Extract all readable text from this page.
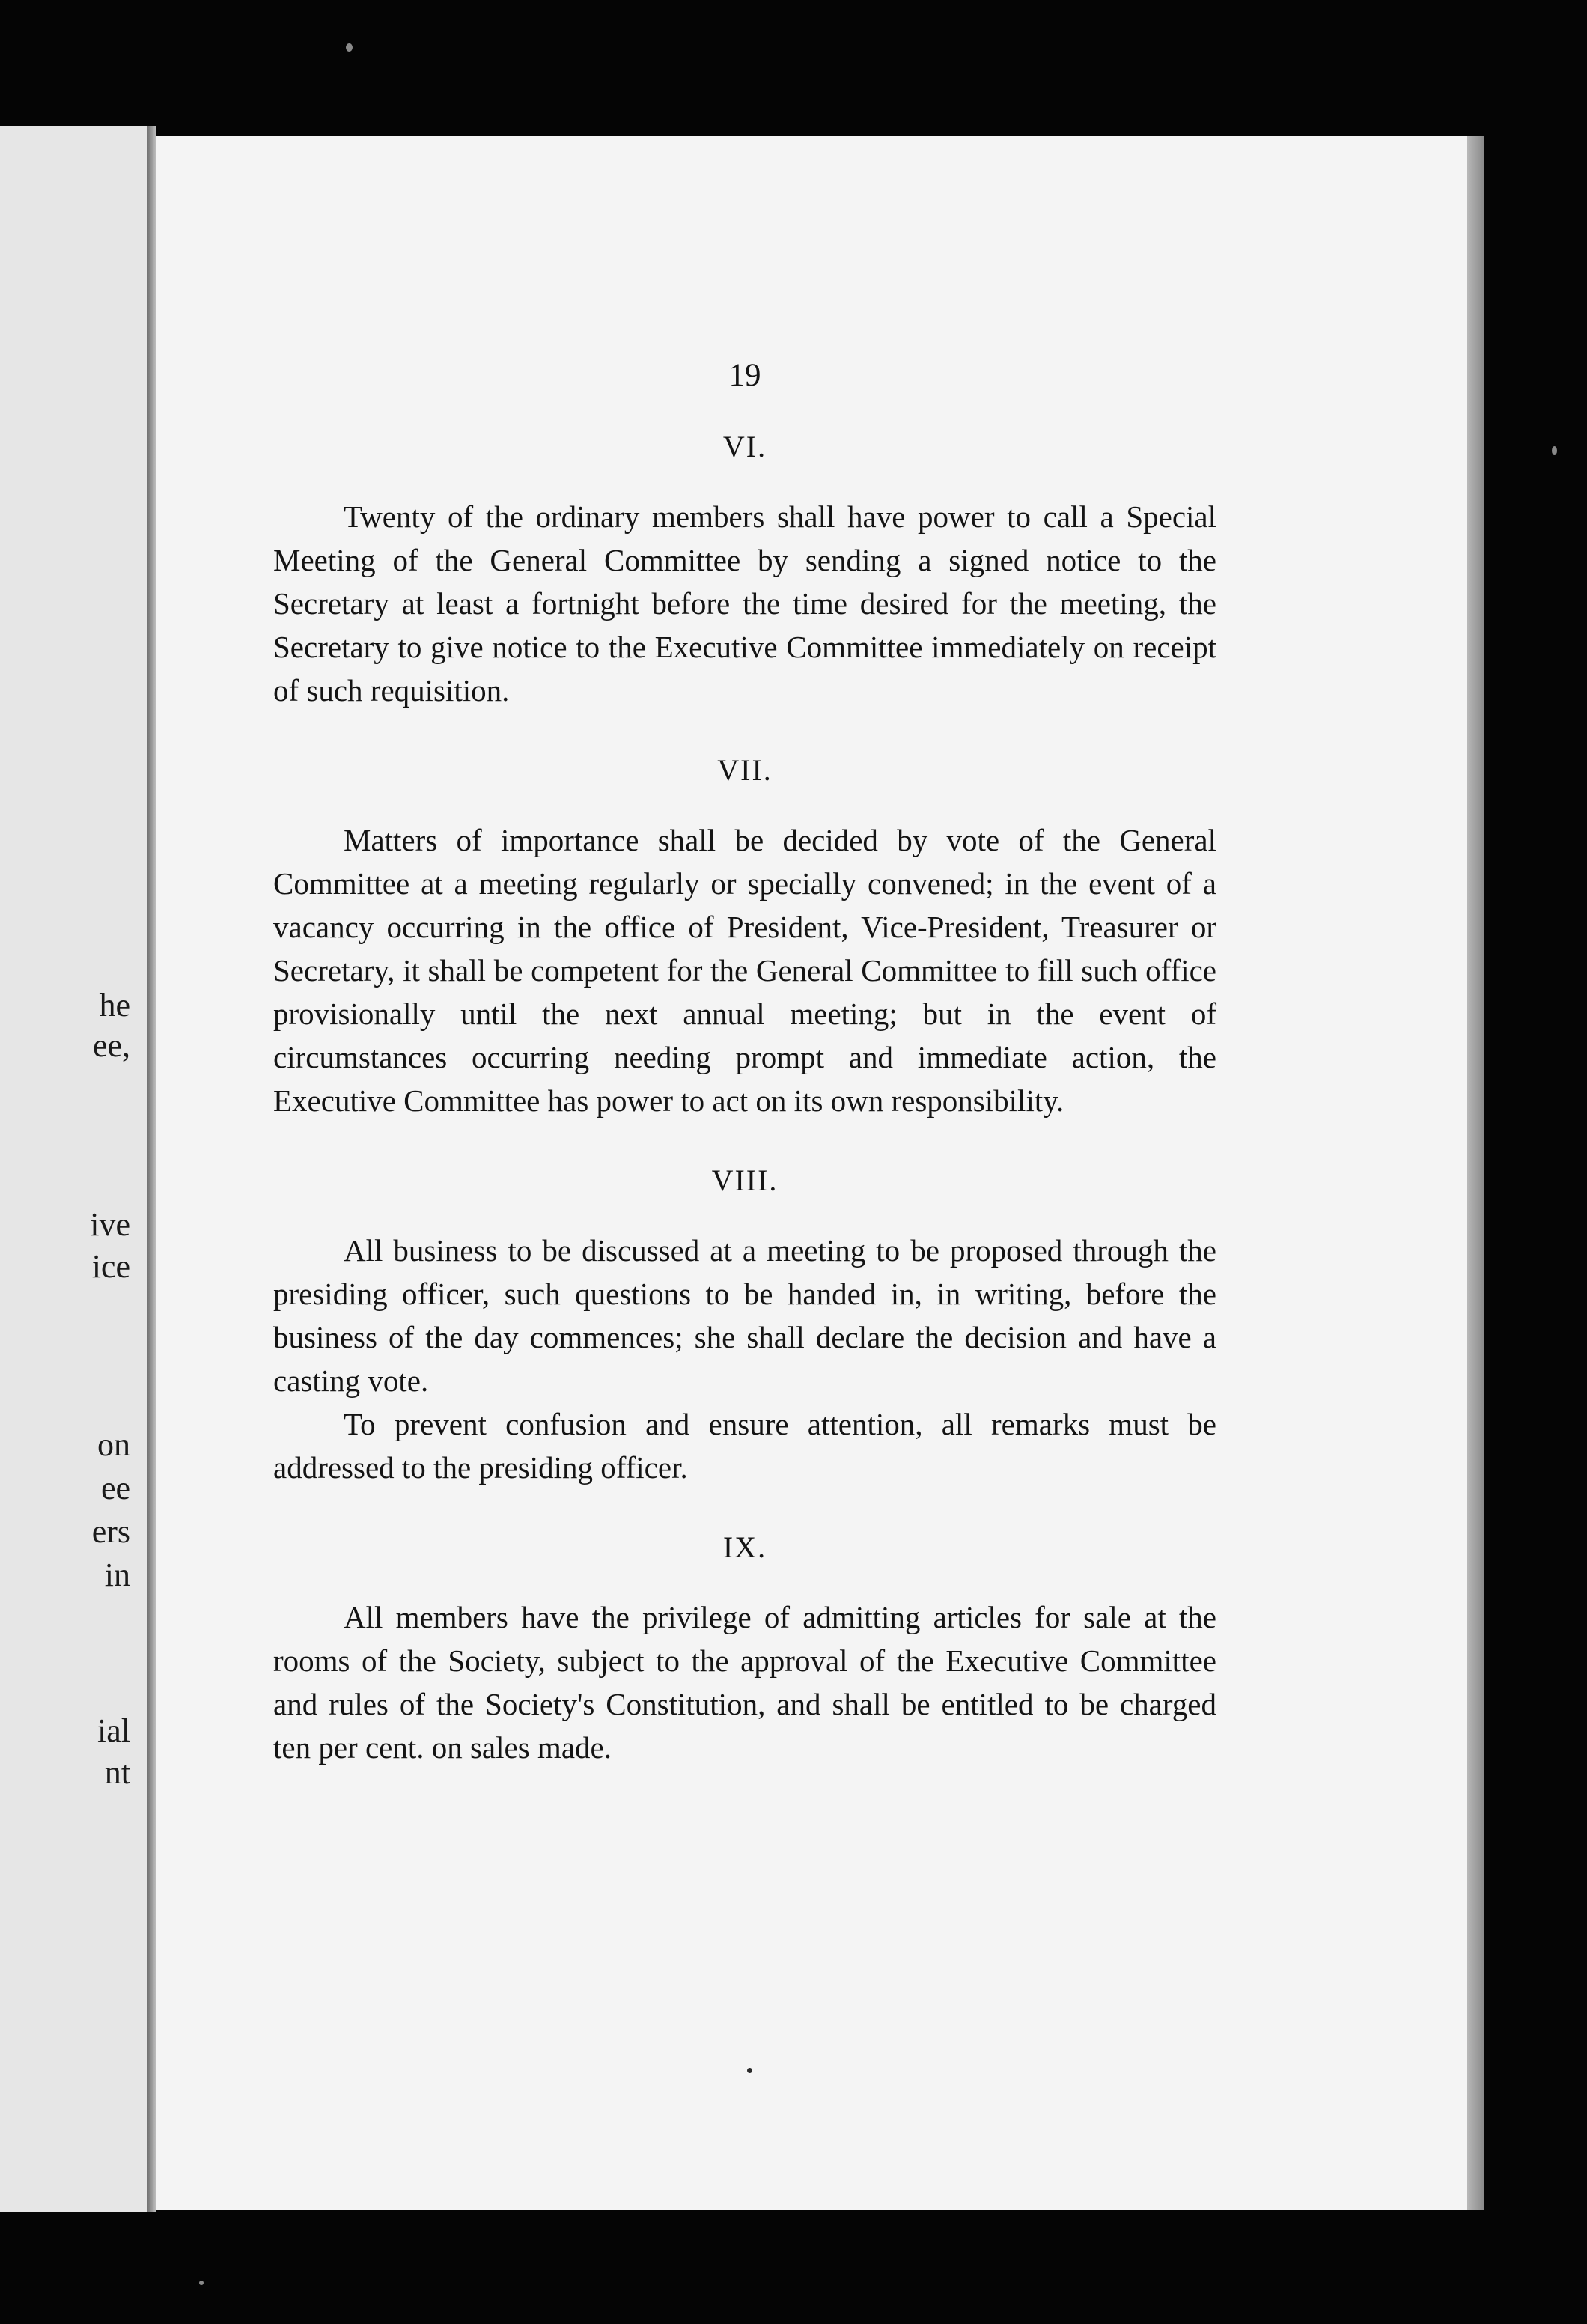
he
ee,
ive
ice
on
ee
ers
in
ial
nt
19
VI.

Twenty of the ordinary members shall have power to call a Special Meeting of the General Committee by sending a signed notice to the Secretary at least a fortnight before the time desired for the meeting, the Secretary to give notice to the Executive Committee immediately on receipt of such requisition.

VII.

Matters of importance shall be decided by vote of the General Committee at a meeting regularly or specially convened; in the event of a vacancy occurring in the office of President, Vice-President, Treasurer or Secretary, it shall be competent for the General Committee to fill such office provisionally until the next annual meeting; but in the event of circumstances occurring needing prompt and immediate action, the Executive Committee has power to act on its own responsibility.

VIII.

All business to be discussed at a meeting to be proposed through the presiding officer, such questions to be handed in, in writing, before the business of the day commences; she shall declare the decision and have a casting vote.

To prevent confusion and ensure attention, all remarks must be addressed to the presiding officer.

IX.

All members have the privilege of admitting articles for sale at the rooms of the Society, subject to the approval of the Executive Committee and rules of the Society's Constitution, and shall be entitled to be charged ten per cent. on sales made.
